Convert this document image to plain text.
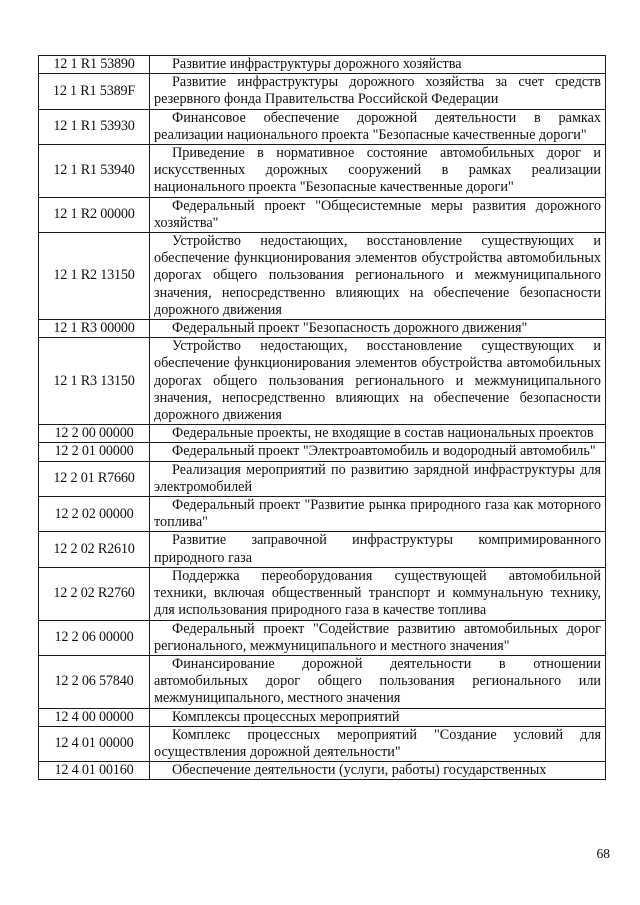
12 1 R1 53890	Развитие инфраструктуры дорожного хозяйства
12 1 R1 5389F	Развитие инфраструктуры дорожного хозяйства за счет средств резервного фонда Правительства Российской Федерации
12 1 R1 53930	Финансовое обеспечение дорожной деятельности в рамках реализации национального проекта "Безопасные качественные дороги"
12 1 R1 53940	Приведение в нормативное состояние автомобильных дорог и искусственных дорожных сооружений в рамках реализации национального проекта "Безопасные качественные дороги"
12 1 R2 00000	Федеральный проект "Общесистемные меры развития дорожного хозяйства"
12 1 R2 13150	Устройство недостающих, восстановление существующих и обеспечение функционирования элементов обустройства автомобильных дорогах общего пользования регионального и межмуниципального значения, непосредственно влияющих на обеспечение безопасности дорожного движения
12 1 R3 00000	Федеральный проект "Безопасность дорожного движения"
12 1 R3 13150	Устройство недостающих, восстановление существующих и обеспечение функционирования элементов обустройства автомобильных дорогах общего пользования регионального и межмуниципального значения, непосредственно влияющих на обеспечение безопасности дорожного движения
12 2 00 00000	Федеральные проекты, не входящие в состав национальных проектов
12 2 01 00000	Федеральный проект "Электроавтомобиль и водородный автомобиль"
12 2 01 R7660	Реализация мероприятий по развитию зарядной инфраструктуры для электромобилей
12 2 02 00000	Федеральный проект "Развитие рынка природного газа как моторного топлива"
12 2 02 R2610	Развитие заправочной инфраструктуры компримированного природного газа
12 2 02 R2760	Поддержка переоборудования существующей автомобильной техники, включая общественный транспорт и коммунальную технику, для использования природного газа в качестве топлива
12 2 06 00000	Федеральный проект "Содействие развитию автомобильных дорог регионального, межмуниципального и местного значения"
12 2 06 57840	Финансирование дорожной деятельности в отношении автомобильных дорог общего пользования регионального или межмуниципального, местного значения
12 4 00 00000	Комплексы процессных мероприятий
12 4 01 00000	Комплекс процессных мероприятий "Создание условий для осуществления дорожной деятельности"
12 4 01 00160	Обеспечение деятельности (услуги, работы) государственных
68
